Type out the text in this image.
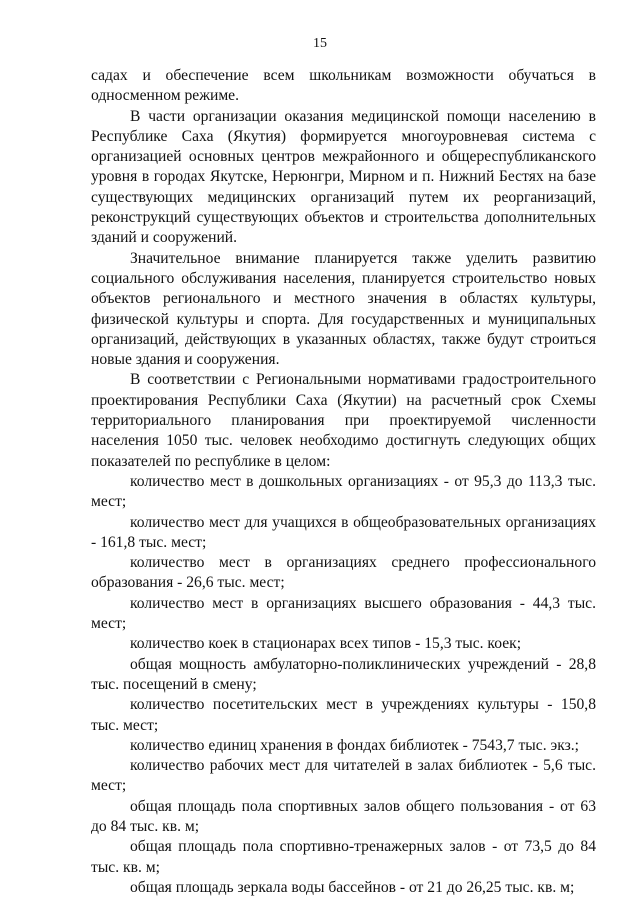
15

садах и обеспечение всем школьникам возможности обучаться в односменном режиме.

В части организации оказания медицинской помощи населению в Республике Саха (Якутия) формируется многоуровневая система с организацией основных центров межрайонного и общереспубликанского уровня в городах Якутске, Нерюнгри, Мирном и п. Нижний Бестях на базе существующих медицинских организаций путем их реорганизаций, реконструкций существующих объектов и строительства дополнительных зданий и сооружений.

Значительное внимание планируется также уделить развитию социального обслуживания населения, планируется строительство новых объектов регионального и местного значения в областях культуры, физической культуры и спорта. Для государственных и муниципальных организаций, действующих в указанных областях, также будут строиться новые здания и сооружения.

В соответствии с Региональными нормативами градостроительного проектирования Республики Саха (Якутии) на расчетный срок Схемы территориального планирования при проектируемой численности населения 1050 тыс. человек необходимо достигнуть следующих общих показателей по республике в целом:

количество мест в дошкольных организациях - от 95,3 до 113,3 тыс. мест;

количество мест для учащихся в общеобразовательных организациях - 161,8 тыс. мест;

количество мест в организациях среднего профессионального образования - 26,6 тыс. мест;

количество мест в организациях высшего образования - 44,3 тыс. мест;

количество коек в стационарах всех типов - 15,3 тыс. коек;

общая мощность амбулаторно-поликлинических учреждений - 28,8 тыс. посещений в смену;

количество посетительских мест в учреждениях культуры - 150,8 тыс. мест;

количество единиц хранения в фондах библиотек - 7543,7 тыс. экз.;

количество рабочих мест для читателей в залах библиотек - 5,6 тыс. мест;

общая площадь пола спортивных залов общего пользования - от 63 до 84 тыс. кв. м;

общая площадь пола спортивно-тренажерных залов - от 73,5 до 84 тыс. кв. м;

общая площадь зеркала воды бассейнов - от 21 до 26,25 тыс. кв. м;
